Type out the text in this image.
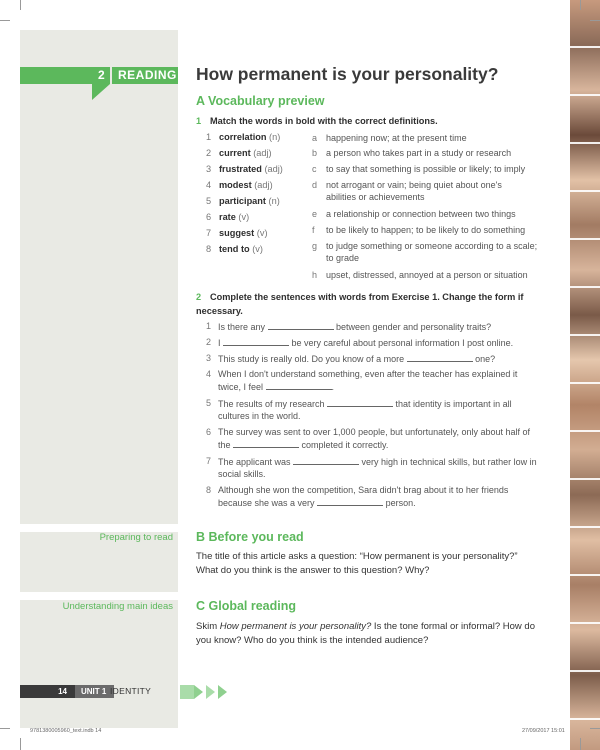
2 READING How permanent is your personality?
A Vocabulary preview
1 Match the words in bold with the correct definitions.
1 correlation (n)
2 current (adj)
3 frustrated (adj)
4 modest (adj)
5 participant (n)
6 rate (v)
7 suggest (v)
8 tend to (v)
a happening now; at the present time
b a person who takes part in a study or research
c to say that something is possible or likely; to imply
d not arrogant or vain; being quiet about one's abilities or achievements
e a relationship or connection between two things
f to be likely to happen; to be likely to do something
g to judge something or someone according to a scale; to grade
h upset, distressed, annoyed at a person or situation
2 Complete the sentences with words from Exercise 1. Change the form if necessary.
1 Is there any	between gender and personality traits?
2 I	be very careful about personal information I post online.
3 This study is really old. Do you know of a more	one?
4 When I don't understand something, even after the teacher has explained it twice, I feel	.
5 The results of my research	that identity is important in all cultures in the world.
6 The survey was sent to over 1,000 people, but unfortunately, only about half of the	completed it correctly.
7 The applicant was	very high in technical skills, but rather low in social skills.
8 Although she won the competition, Sara didn't brag about it to her friends because she was a very	person.
Preparing to read B Before you read
The title of this article asks a question: “How permanent is your personality?” What do you think is the answer to this question? Why?
Understanding main ideas C Global reading
Skim How permanent is your personality? Is the tone formal or informal? How do you know? Who do you think is the intended audience?
14 UNIT 1 IDENTITY
9781380005960_text.indb 14	27/09/2017 15:01
